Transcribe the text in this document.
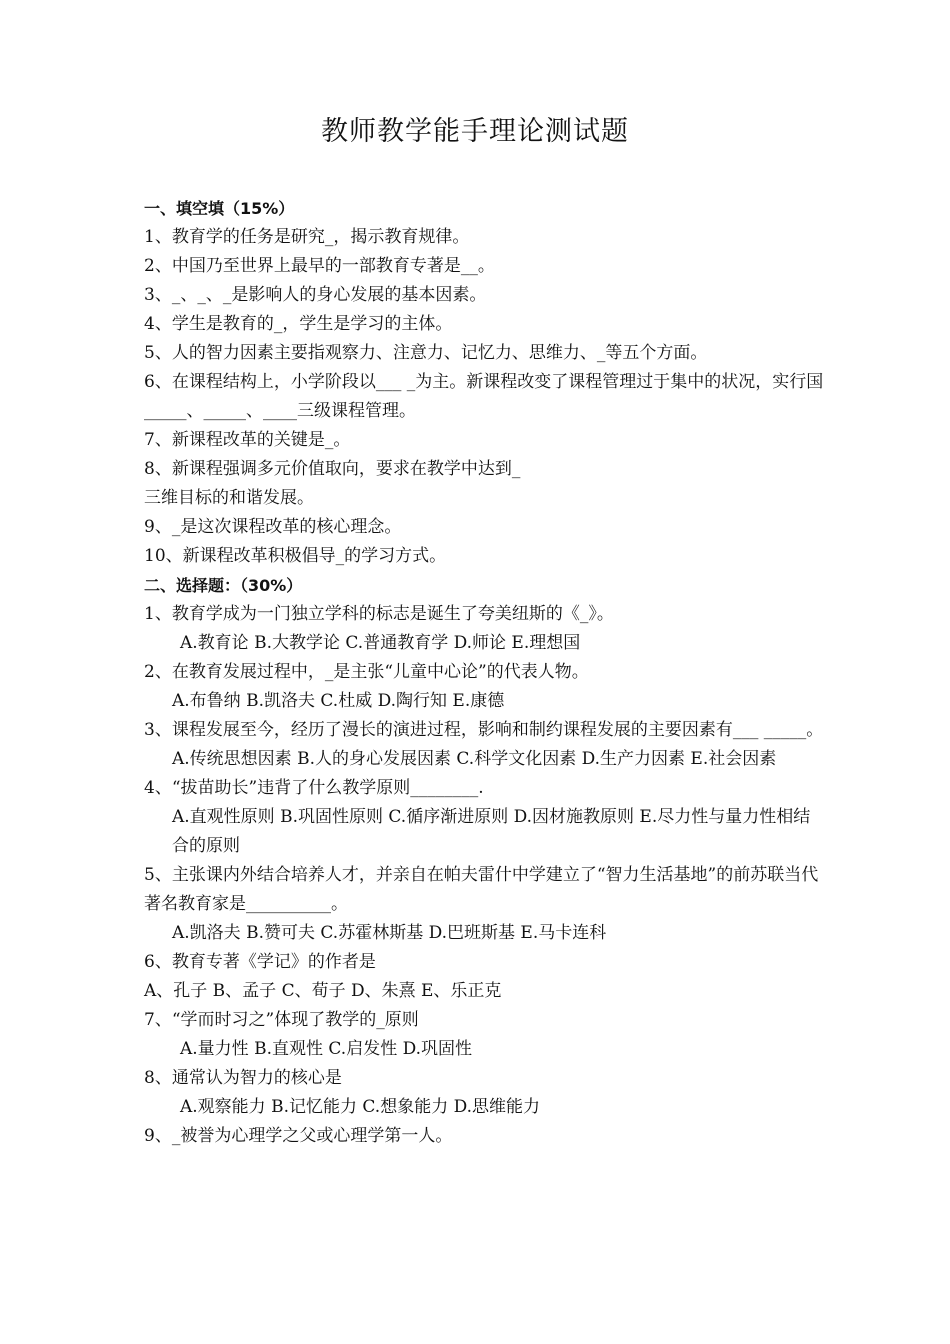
教师教学能手理论测试题
一、填空填（15%）
1、教育学的任务是研究_，揭示教育规律。
2、中国乃至世界上最早的一部教育专著是__。
3、_、_、_是影响人的身心发展的基本因素。
4、学生是教育的_，学生是学习的主体。
5、人的智力因素主要指观察力、注意力、记忆力、思维力、_等五个方面。
6、在课程结构上，小学阶段以___ _为主。新课程改变了课程管理过于集中的状况，实行国_____、_____、____三级课程管理。
7、新课程改革的关键是_。
8、新课程强调多元价值取向，要求在教学中达到_
三维目标的和谐发展。
9、_是这次课程改革的核心理念。
10、新课程改革积极倡导_的学习方式。
二、选择题：（30%）
1、教育学成为一门独立学科的标志是诞生了夸美纽斯的《_》。
A.教育论 B.大教学论 C.普通教育学 D.师论 E.理想国
2、在教育发展过程中，_是主张“儿童中心论”的代表人物。
A.布鲁纳 B.凯洛夫 C.杜威 D.陶行知 E.康德
3、课程发展至今，经历了漫长的演进过程，影响和制约课程发展的主要因素有___ _____。
A.传统思想因素 B.人的身心发展因素 C.科学文化因素 D.生产力因素 E.社会因素
4、“拔苗助长”违背了什么教学原则________.
A.直观性原则 B.巩固性原则 C.循序渐进原则 D.因材施教原则 E.尽力性与量力性相结合的原则
5、主张课内外结合培养人才，并亲自在帕夫雷什中学建立了“智力生活基地”的前苏联当代著名教育家是__________。
A.凯洛夫 B.赞可夫 C.苏霍林斯基 D.巴班斯基 E.马卡连科
6、教育专著《学记》的作者是
A、孔子 B、孟子 C、荀子 D、朱熹 E、乐正克
7、“学而时习之”体现了教学的_原则
A.量力性 B.直观性 C.启发性 D.巩固性
8、通常认为智力的核心是
A.观察能力 B.记忆能力 C.想象能力 D.思维能力
9、_被誉为心理学之父或心理学第一人。
